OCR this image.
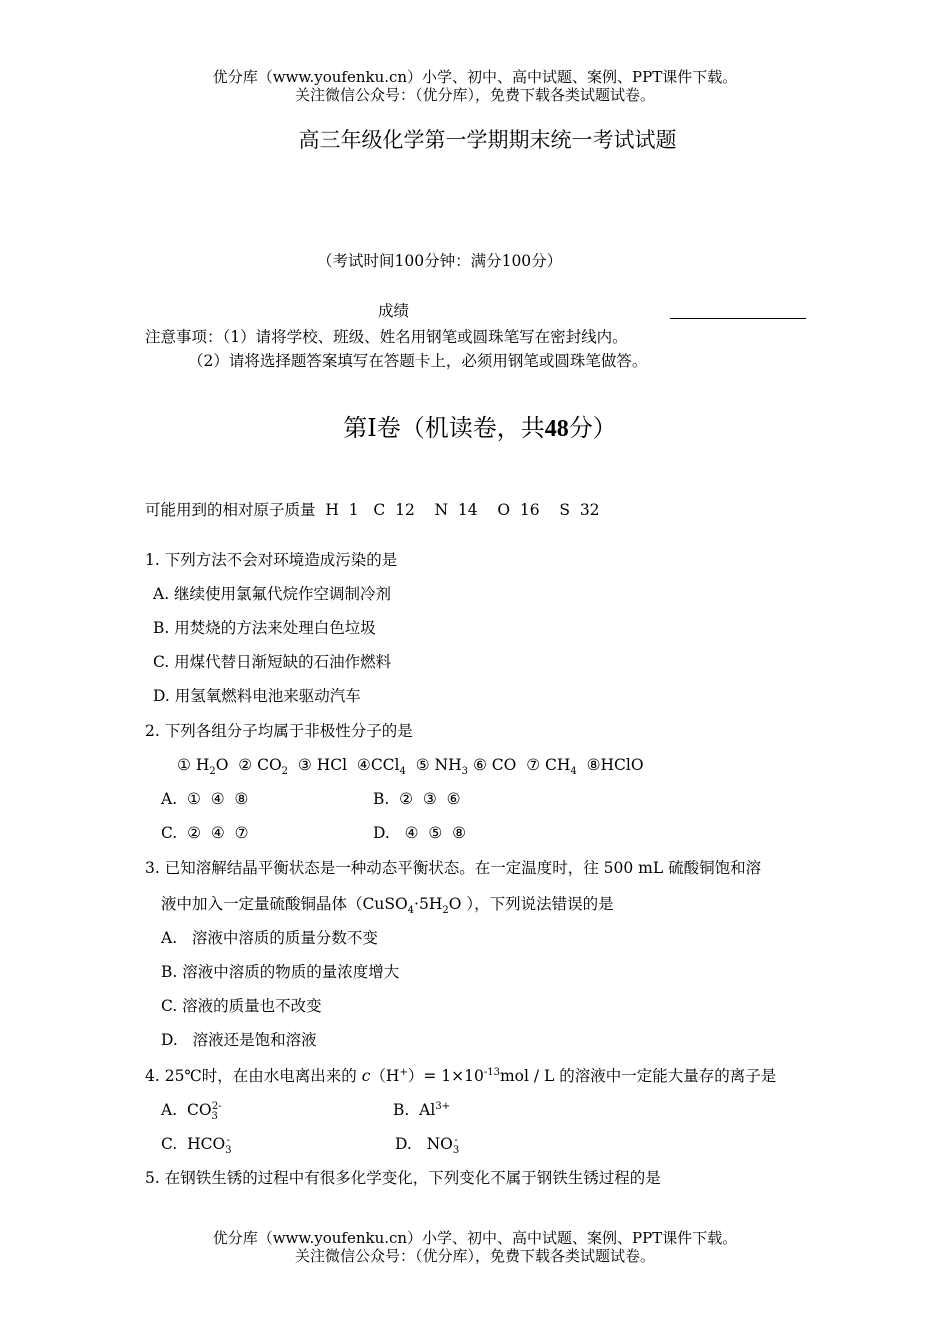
优分库（www.youfenku.cn）小学、初中、高中试题、案例、PPT课件下载。
关注微信公众号：（优分库），免费下载各类试题试卷。
高三年级化学第一学期期末统一考试试题
（考试时间100分钟：满分100分）
成绩
注意事项：（1）请将学校、班级、姓名用钢笔或圆珠笔写在密封线内。
（2）请将选择题答案填写在答题卡上，必须用钢笔或圆珠笔做答。
第Ⅰ卷（机读卷，共48分）
可能用到的相对原子质量  H  1   C  12    N  14    O  16    S  32
1. 下列方法不会对环境造成污染的是
A. 继续使用氯氟代烷作空调制冷剂
B. 用焚烧的方法来处理白色垃圾
C. 用煤代替日渐短缺的石油作燃料
D. 用氢氧燃料电池来驱动汽车
2. 下列各组分子均属于非极性分子的是
① $H_2O$  ② $CO_2$ ③ HCl  ④CCl$_4$ ⑤ $NH_3$ ⑥ CO  ⑦ $CH_4$ ⑧HClO
A.  ①  ④  ⑧	B.  ②  ③  ⑥
C.  ②  ④  ⑦	D.   ④  ⑤  ⑧
3. 已知溶解结晶平衡状态是一种动态平衡状态。在一定温度时，往 500 mL 硫酸铜饱和溶
液中加入一定量硫酸铜晶体（$CuSO_4\cdot 5H_2O$ ），下列说法错误的是
A.   溶液中溶质的质量分数不变
B. 溶液中溶质的物质的量浓度增大
C. 溶液的质量也不改变
D.   溶液还是饱和溶液
4. 25℃时，在由水电离出来的 $c(H^+)= 1\times 10^{-13}mol / L$ 的溶液中一定能大量存的离子是
A.  $CO_3^{2-}$	B.  $Al^{3+}$
C.  $HCO_3^-$	D.   $NO_3^-$
5. 在钢铁生锈的过程中有很多化学变化，下列变化不属于钢铁生锈过程的是
优分库（www.youfenku.cn）小学、初中、高中试题、案例、PPT课件下载。
关注微信公众号：（优分库），免费下载各类试题试卷。
